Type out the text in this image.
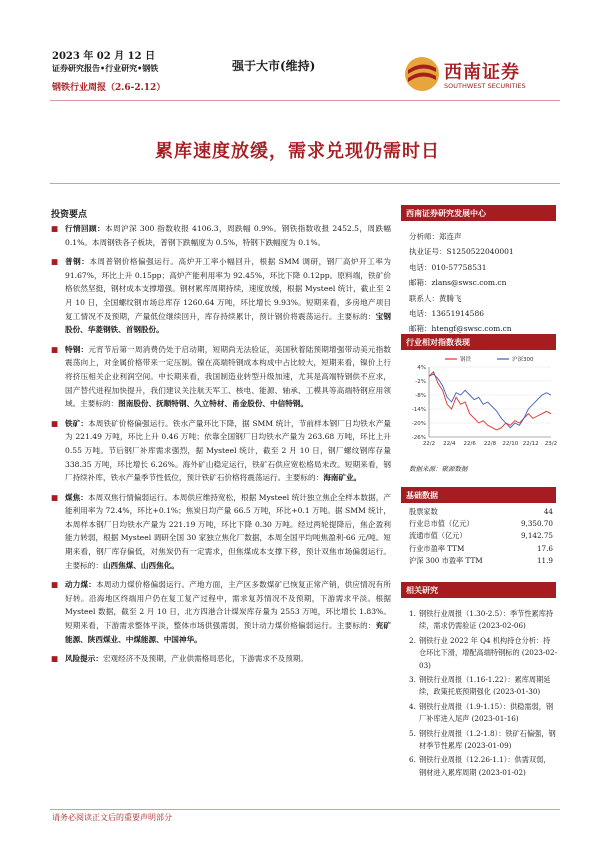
2023 年 02 月 12 日
证券研究报告•行业研究•钢铁
钢铁行业周报（2.6-2.12）
强于大市(维持)	西南证券
SOUTHWEST SECURITIES
累库速度放缓，需求兑现仍需时日
投资要点
■ 行情回顾：本周沪深 300 指数收报 4106.3，周跌幅 0.9%。钢铁指数收报 2452.5，周跌幅 0.1%。本周钢铁各子板块，普钢下跌幅度为 0.5%，特钢下跌幅度为 0.1%。
■ 普钢：本周普钢价格偏强运行。高炉开工率小幅回升，根据 SMM 调研，钢厂高炉开工率为 91.67%，环比上升 0.15pp；高炉产能利用率为 92.45%，环比下降 0.12pp。原料端，铁矿价格依然坚挺，钢材成本支撑增强。钢材累库周期持续，速度放缓，根据 Mysteel 统计，截止至 2 月 10 日，全国螺纹钢市场总库存 1260.64 万吨，环比增长 9.93%。短期来看，多房地产项目复工情况不及预期，产量低位继续回升，库存持续累计，预计钢价将震荡运行。主要标的：宝钢股份、华菱钢铁、首钢股份。
■ 特钢：元宵节后第一周消费仍处于启动期，短期尚无法验证，美国秋着陆预期增强带动美元指数震荡向上，对金属价格带来一定压制。镍在高端特钢成本构成中占比较大，短期来看，镍价上行将挤压相关企业利润空间。中长期来看，我国制造业转型升级加速，尤其是高端特钢供不应求，国产替代进程加快提升，我们建议关注航天军工、核电、能源、轴承、工模具等高端特钢应用领域。主要标的：图南股份、抚顺特钢、久立特材、甬金股份、中信特钢。
■ 铁矿：本周铁矿价格偏强运行。铁水产量环比下降，据 SMM 统计，节前样本钢厂日均铁水产量为 221.49 万吨，环比上升 0.46 万吨；依靠全国钢厂日均铁水产量为 263.68 万吨，环比上升 0.55 万吨。节后钢厂补库需求强烈，据 Mysteel 统计，截至 2 月 10 日，钢厂螺纹钢库存量 338.35 万吨，环比增长 6.26%。海外矿山稳定运行，铁矿石供应宽松格局未改。短期来看，钢厂持续补库，铁水产量季节性低位，预计铁矿石价格将震荡运行。主要标的：海南矿业。
■ 煤焦：本周双焦行情偏弱运行。本周供应维持宽松，根据 Mysteel 统计独立焦企全样本数据，产能利用率为 72.4%，环比+0.1%；焦炭日均产量 66.5 万吨，环比+0.1 万吨。据 SMM 统计，本周样本钢厂日均铁水产量为 221.19 万吨，环比下降 0.30 万吨。经过两轮提降后，焦企盈利能力转弱，根据 Mysteel 调研全国 30 家独立焦化厂数据，本周全国平均吨焦盈利-66 元/吨。短期来看，钢厂库存偏低，对焦炭仍有一定需求，但焦煤成本支撑下移，预计双焦市场偏弱运行。主要标的：山西焦煤、山西焦化。
■ 动力煤：本周动力煤价格偏弱运行。产地方面，主产区多数煤矿已恢复正常产销，供应情况有所好转。沿海地区终端用户仍在复工复产过程中，需求复苏情况不及预期，下游需求平淡。根据 Mysteel 数据，截至 2 月 10 日，北方四港合计煤炭库存量为 2553 万吨，环比增长 1.83%。短期来看，下游需求整体平淡，整体市场供强需弱，预计动力煤价格偏弱运行。主要标的：兖矿能源、陕西煤业、中煤能源、中国神华。
■ 风险提示：宏观经济不及预期，产业供需格局恶化，下游需求不及预期。
西南证券研究发展中心
分析师：郑连声
执业证号：S1250522040001
电话：010-57758531
邮箱：zlans@swsc.com.cn
联系人：黄腾飞
电话：13651914586
邮箱：htengf@swsc.com.cn
行业相对指数表现
4%
-2%
-8%
-14%
-20%
-26%
22/2 22/4 22/6 22/8 22/10 22/12 23/2
钢铁	沪深300
数据来源：聚源数据
基础数据
股票家数	44
行业总市值（亿元）	9,350.70
流通市值（亿元）	9,142.75
行业市盈率 TTM	17.6
沪深 300 市盈率 TTM	11.9
相关研究
1. 钢铁行业周报（1.30-2.5）：季节性累库持续，需求仍需验证 (2023-02-06)
2. 钢铁行业 2022 年 Q4 机构持仓分析：持仓环比下滑，增配高端特钢标的 (2023-02-03)
3. 钢铁行业周报（1.16-1.22）：累库周期延续，政策托底预期强化 (2023-01-30)
4. 钢铁行业周报（1.9-1.15）：供稳需弱，钢厂补库进入尾声 (2023-01-16)
5. 钢铁行业周报（1.2-1.8）：铁矿石偏强，钢材季节性累库 (2023-01-09)
6. 钢铁行业周报（12.26-1.1）：供需双弱，钢材进入累库周期 (2023-01-02)
请务必阅读正文后的重要声明部分
